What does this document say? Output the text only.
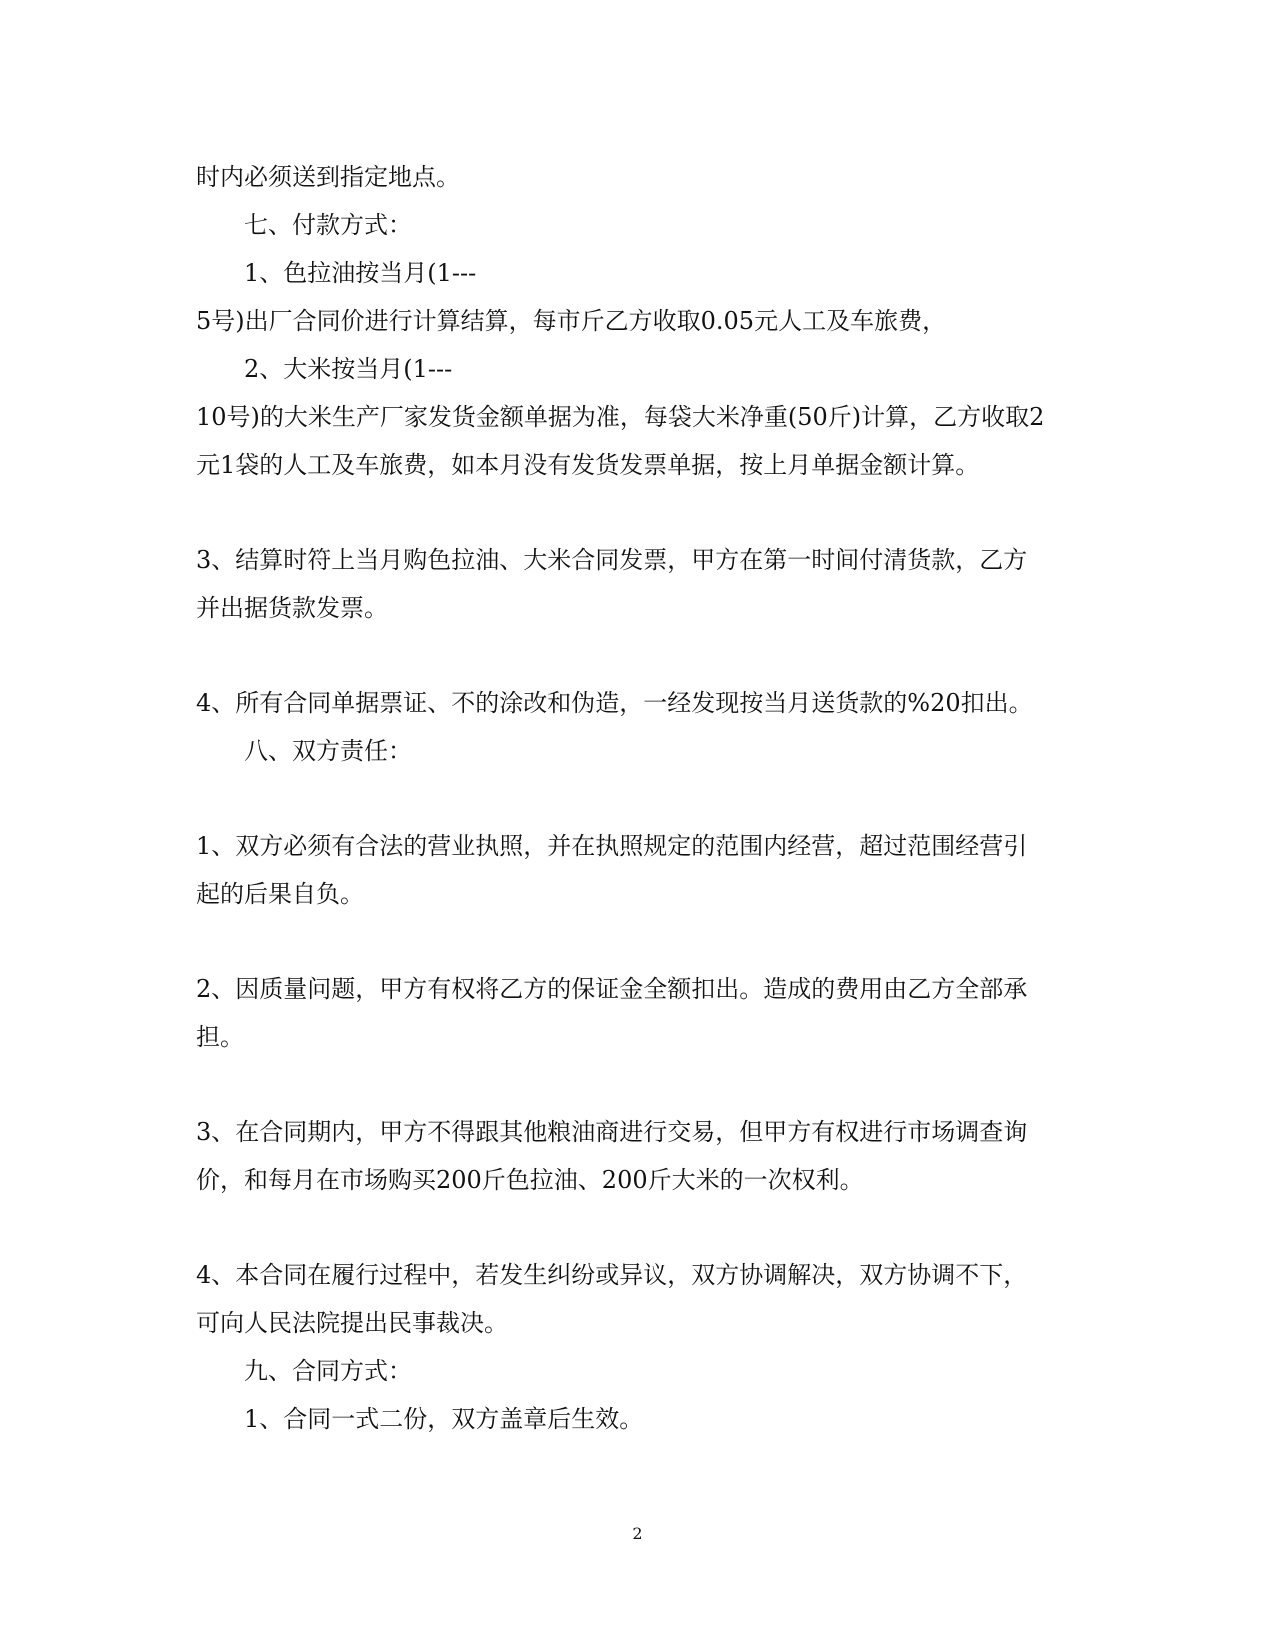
时内必须送到指定地点。
七、付款方式：
1、色拉油按当月(1---
5号)出厂合同价进行计算结算，每市斤乙方收取0.05元人工及车旅费，
2、大米按当月(1---
10号)的大米生产厂家发货金额单据为准，每袋大米净重(50斤)计算，乙方收取2
元1袋的人工及车旅费，如本月没有发货发票单据，按上月单据金额计算。
3、结算时符上当月购色拉油、大米合同发票，甲方在第一时间付清货款，乙方
并出据货款发票。
4、所有合同单据票证、不的涂改和伪造，一经发现按当月送货款的%20扣出。
八、双方责任：
1、双方必须有合法的营业执照，并在执照规定的范围内经营，超过范围经营引
起的后果自负。
2、因质量问题，甲方有权将乙方的保证金全额扣出。造成的费用由乙方全部承
担。
3、在合同期内，甲方不得跟其他粮油商进行交易，但甲方有权进行市场调查询
价，和每月在市场购买200斤色拉油、200斤大米的一次权利。
4、本合同在履行过程中，若发生纠纷或异议，双方协调解决，双方协调不下，
可向人民法院提出民事裁决。
九、合同方式：
1、合同一式二份，双方盖章后生效。
2
